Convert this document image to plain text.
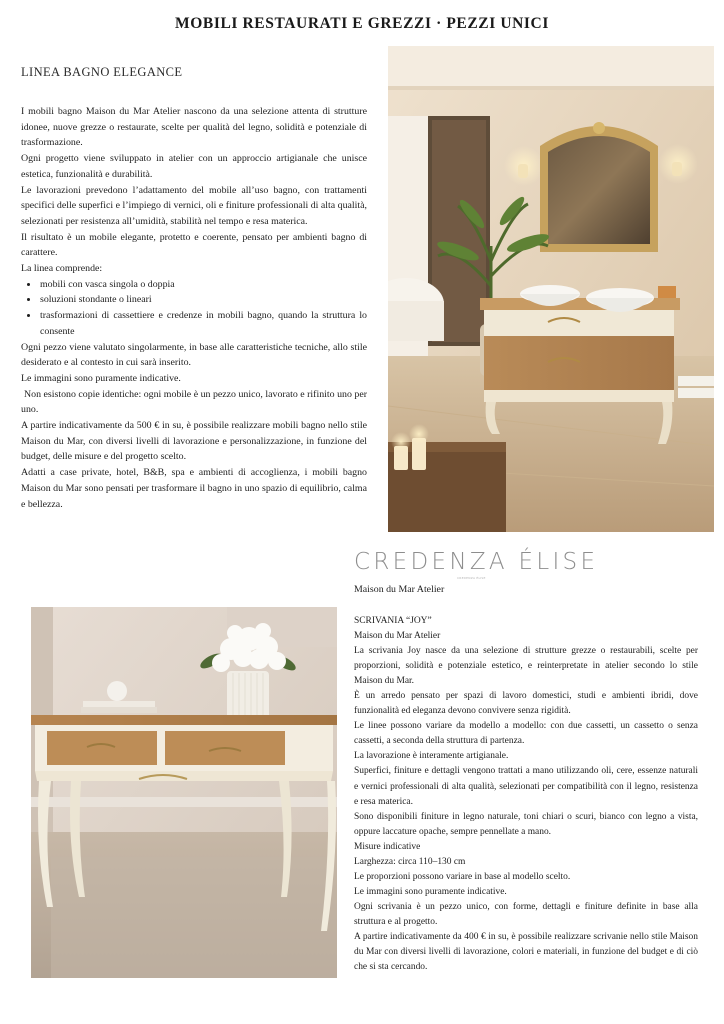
MOBILI RESTAURATI E GREZZI · PEZZI UNICI
LINEA BAGNO ELEGANCE

I mobili bagno Maison du Mar Atelier nascono da una selezione attenta di strutture idonee, nuove grezze o restaurate, scelte per qualità del legno, solidità e potenziale di trasformazione.

Ogni progetto viene sviluppato in atelier con un approccio artigianale che unisce estetica, funzionalità e durabilità.

Le lavorazioni prevedono l’adattamento del mobile all’uso bagno, con trattamenti specifici delle superfici e l’impiego di vernici, oli e finiture professionali di alta qualità, selezionati per resistenza all’umidità, stabilità nel tempo e resa materica.

Il risultato è un mobile elegante, protetto e coerente, pensato per ambienti bagno di carattere.

La linea comprende:

• mobili con vasca singola o doppia
• soluzioni stondante o lineari
• trasformazioni di cassettiere e credenze in mobili bagno, quando la struttura lo consente

Ogni pezzo viene valutato singolarmente, in base alle caratteristiche tecniche, allo stile desiderato e al contesto in cui sarà inserito.

Le immagini sono puramente indicative.

Non esistono copie identiche: ogni mobile è un pezzo unico, lavorato e rifinito uno per uno.

A partire indicativamente da 500 € in su, è possibile realizzare mobili bagno nello stile Maison du Mar, con diversi livelli di lavorazione e personalizzazione, in funzione del budget, delle misure e del progetto scelto.

Adatti a case private, hotel, B&B, spa e ambienti di accoglienza, i mobili bagno Maison du Mar sono pensati per trasformare il bagno in uno spazio di equilibrio, calma e bellezza.

CREDENZA ÉLISE
CREDENZA ÉLISE
Maison du Mar Atelier

SCRIVANIA “JOY”

Maison du Mar Atelier

La scrivania Joy nasce da una selezione di strutture grezze o restaurabili, scelte per proporzioni, solidità e potenziale estetico, e reinterpretate in atelier secondo lo stile Maison du Mar.

È un arredo pensato per spazi di lavoro domestici, studi e ambienti ibridi, dove funzionalità ed eleganza devono convivere senza rigidità.

Le linee possono variare da modello a modello: con due cassetti, un cassetto o senza cassetti, a seconda della struttura di partenza.

La lavorazione è interamente artigianale.

Superfici, finiture e dettagli vengono trattati a mano utilizzando oli, cere, essenze naturali e vernici professionali di alta qualità, selezionati per compatibilità con il legno, resistenza e resa materica.

Sono disponibili finiture in legno naturale, toni chiari o scuri, bianco con legno a vista, oppure laccature opache, sempre pennellate a mano.

Misure indicative

Larghezza: circa 110–130 cm

Le proporzioni possono variare in base al modello scelto.

Le immagini sono puramente indicative.

Ogni scrivania è un pezzo unico, con forme, dettagli e finiture definite in base alla struttura e al progetto.

A partire indicativamente da 400 € in su, è possibile realizzare scrivanie nello stile Maison du Mar con diversi livelli di lavorazione, colori e materiali, in funzione del budget e di ciò che si sta cercando.
